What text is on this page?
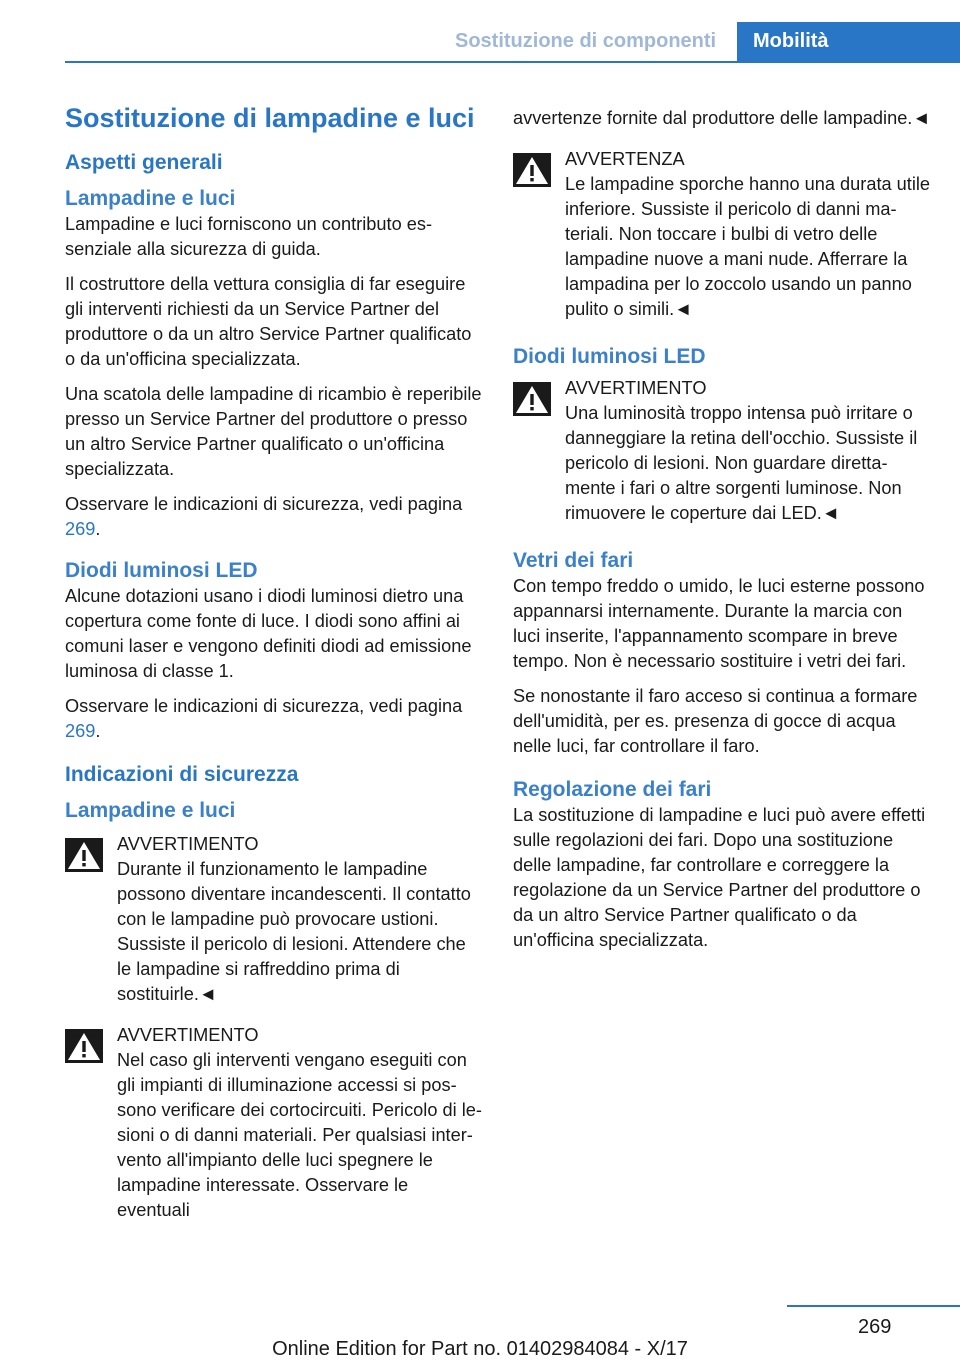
Sostituzione di componenti	Mobilità
Sostituzione di lampadine e luci
Aspetti generali
Lampadine e luci

Lampadine e luci forniscono un contributo essenziale alla sicurezza di guida.

Il costruttore della vettura consiglia di far eseguire gli interventi richiesti da un Service Partner del produttore o da un altro Service Partner qualificato o da un'officina specializzata.

Una scatola delle lampadine di ricambio è reperibile presso un Service Partner del produttore o presso un altro Service Partner qualificato o un'officina specializzata.

Osservare le indicazioni di sicurezza, vedi pagina 269.

Diodi luminosi LED

Alcune dotazioni usano i diodi luminosi dietro una copertura come fonte di luce. I diodi sono affini ai comuni laser e vengono definiti diodi ad emissione luminosa di classe 1.

Osservare le indicazioni di sicurezza, vedi pagina 269.

Indicazioni di sicurezza
Lampadine e luci
AVVERTIMENTO
Durante il funzionamento le lampadine possono diventare incandescenti. Il contatto con le lampadine può provocare ustioni. Sussiste il pericolo di lesioni. Attendere che le lampadine si raffreddino prima di sostituirle.◄
AVVERTIMENTO
Nel caso gli interventi vengano eseguiti con gli impianti di illuminazione accessi si possono verificare dei cortocircuiti. Pericolo di lesioni o di danni materiali. Per qualsiasi intervento all'impianto delle luci spegnere le lampadine interessate. Osservare le eventuali

avvertenze fornite dal produttore delle lampadine.◄

AVVERTENZA
Le lampadine sporche hanno una durata utile inferiore. Sussiste il pericolo di danni materiali. Non toccare i bulbi di vetro delle lampadine nuove a mani nude. Afferrare la lampadina per lo zoccolo usando un panno pulito o simili.◄
Diodi luminosi LED
AVVERTIMENTO
Una luminosità troppo intensa può irritare o danneggiare la retina dell'occhio. Sussiste il pericolo di lesioni. Non guardare direttamente i fari o altre sorgenti luminose. Non rimuovere le coperture dai LED.◄
Vetri dei fari

Con tempo freddo o umido, le luci esterne possono appannarsi internamente. Durante la marcia con luci inserite, l'appannamento scompare in breve tempo. Non è necessario sostituire i vetri dei fari.

Se nonostante il faro acceso si continua a formare dell'umidità, per es. presenza di gocce di acqua nelle luci, far controllare il faro.

Regolazione dei fari

La sostituzione di lampadine e luci può avere effetti sulle regolazioni dei fari. Dopo una sostituzione delle lampadine, far controllare e correggere la regolazione da un Service Partner del produttore o da un altro Service Partner qualificato o da un'officina specializzata.

269
Online Edition for Part no. 01402984084 - X/17
